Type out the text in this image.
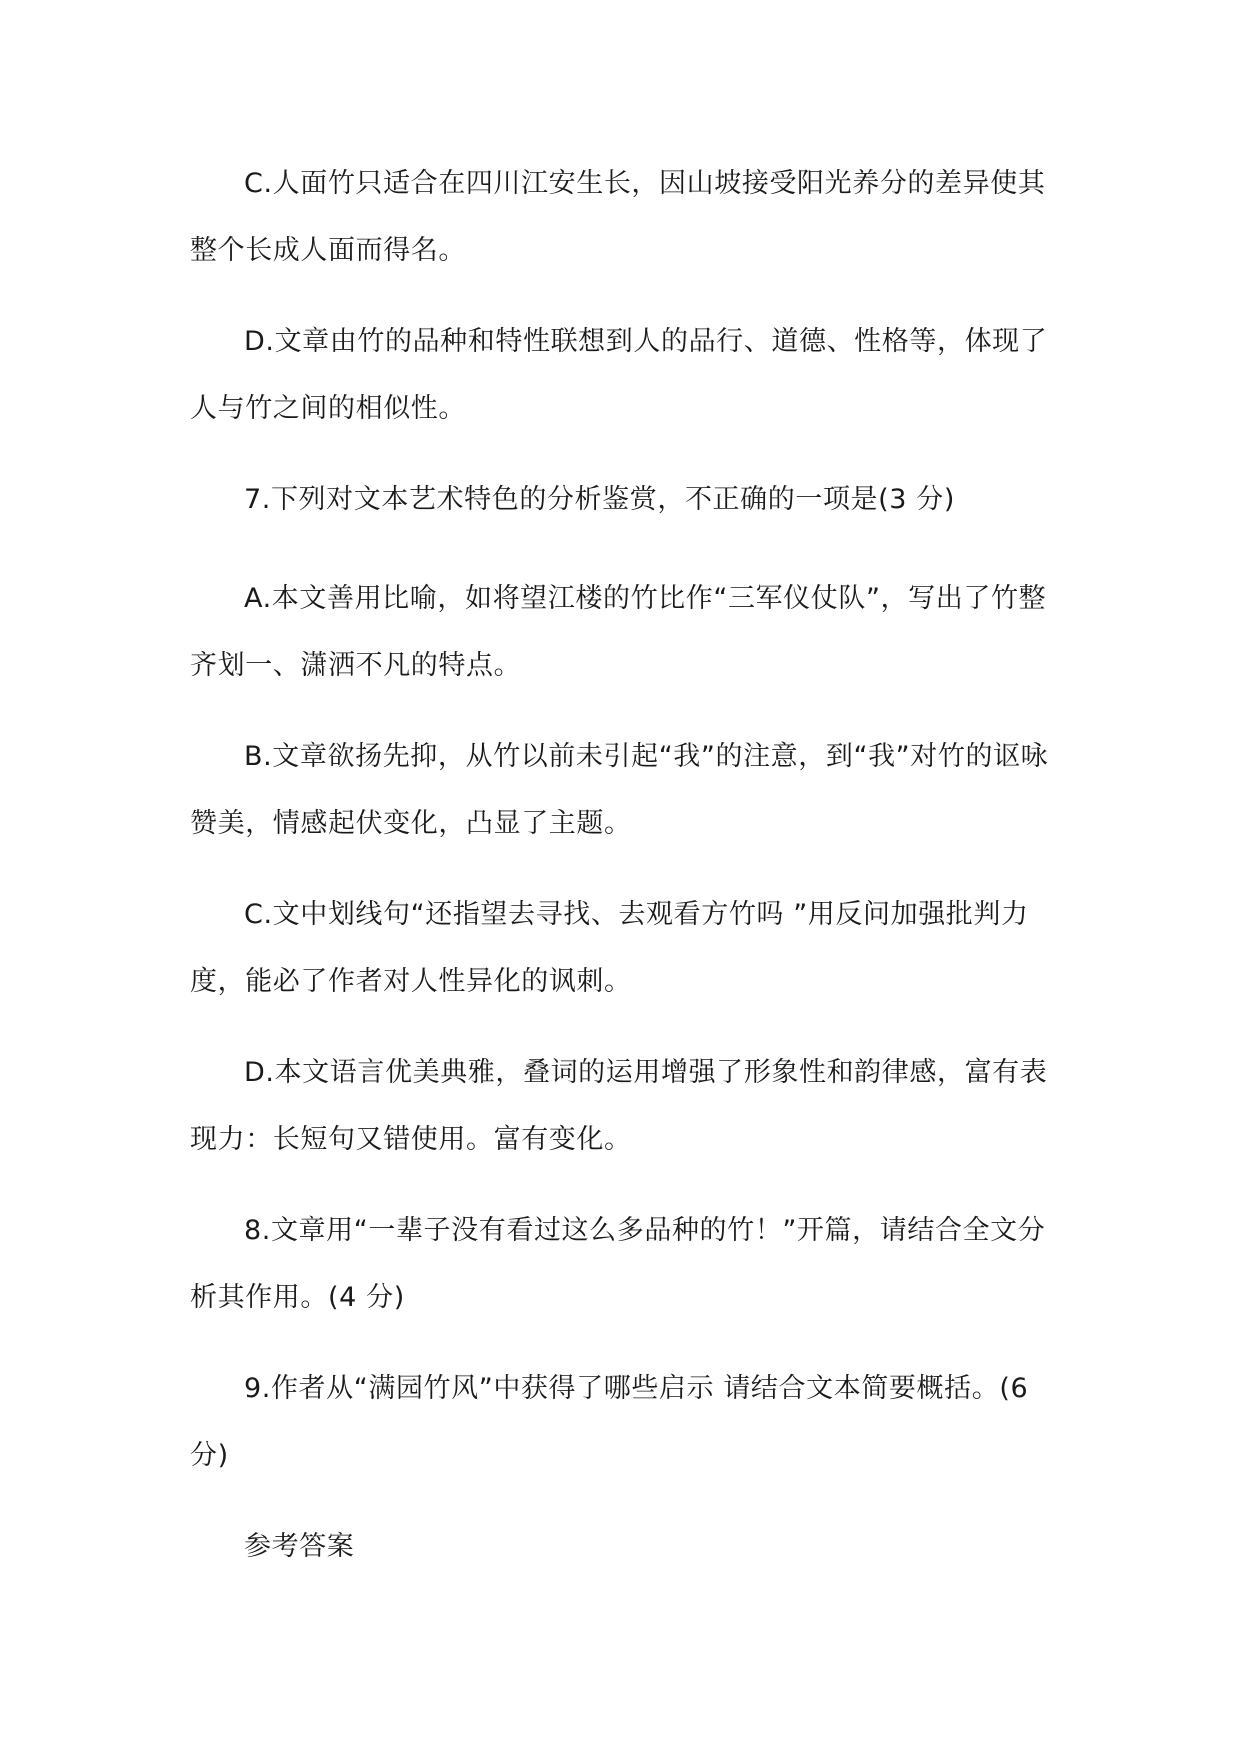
C.人面竹只适合在四川江安生长，因山坡接受阳光养分的差异使其整个长成人面而得名。

D.文章由竹的品种和特性联想到人的品行、道德、性格等，体现了人与竹之间的相似性。

7.下列对文本艺术特色的分析鉴赏，不正确的一项是(3 分)

A.本文善用比喻，如将望江楼的竹比作“三军仪仗队”，写出了竹整齐划一、潇洒不凡的特点。

B.文章欲扬先抑，从竹以前未引起“我”的注意，到“我”对竹的讴咏赞美，情感起伏变化，凸显了主题。

C.文中划线句“还指望去寻找、去观看方竹吗 ”用反问加强批判力度，能必了作者对人性异化的讽刺。

D.本文语言优美典雅，叠词的运用增强了形象性和韵律感，富有表现力：长短句又错使用。富有变化。

8.文章用“一辈子没有看过这么多品种的竹！”开篇，请结合全文分析其作用。(4 分)

9.作者从“满园竹风”中获得了哪些启示 请结合文本简要概括。(6 分)

参考答案
